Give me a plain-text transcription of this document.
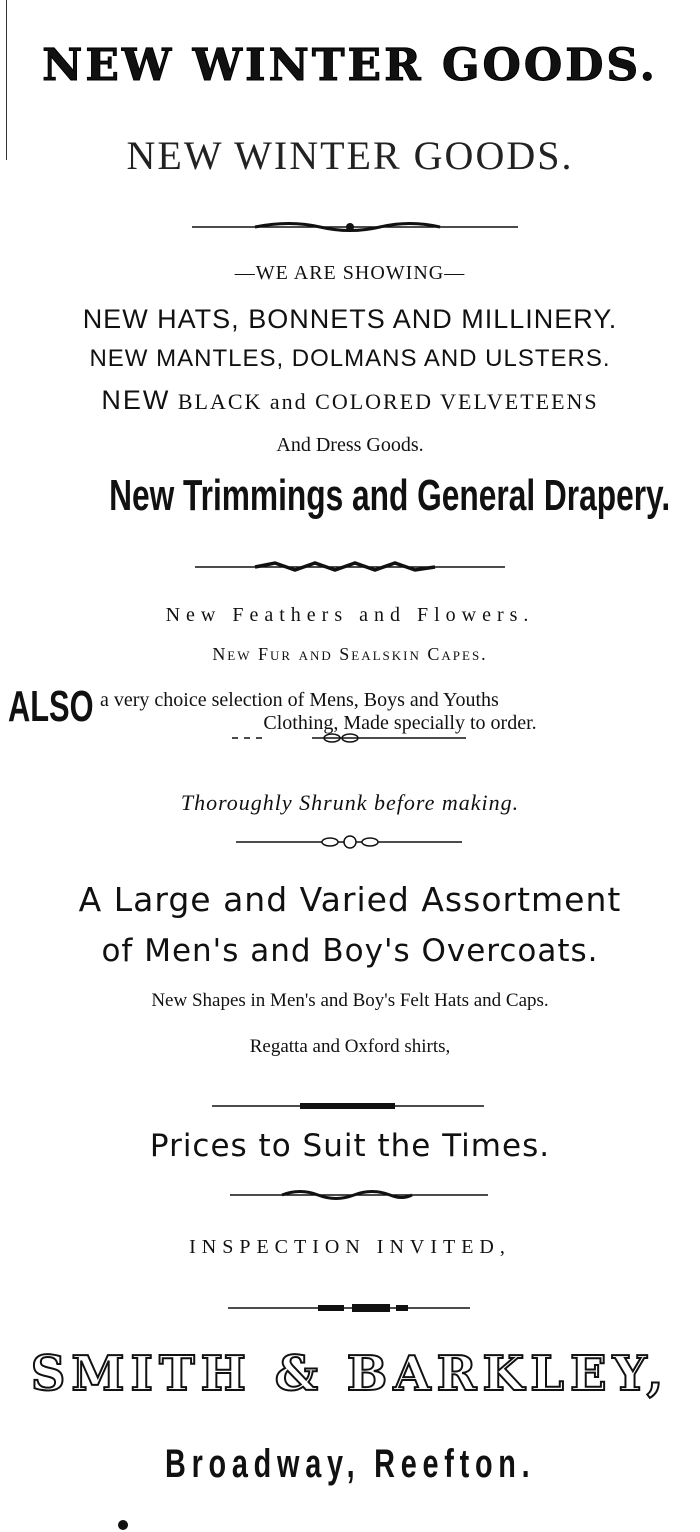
NEW WINTER GOODS.
NEW WINTER GOODS.
—WE ARE SHOWING—
NEW HATS, BONNETS AND MILLINERY.
NEW MANTLES, DOLMANS AND ULSTERS.
NEW BLACK and COLORED VELVETEENS
And Dress Goods.
New Trimmings and General Drapery.
New Feathers and Flowers.
New Fur and Sealskin Capes.
ALSO a very choice selection of Mens, Boys and Youths
Clothing, Made specially to order.
Thoroughly Shrunk before making.
A Large and Varied Assortment
of Men's and Boy's Overcoats.
New Shapes in Men's and Boy's Felt Hats and Caps.
Regatta and Oxford shirts,
Prices to Suit the Times.
INSPECTION INVITED,
SMITH & BARKLEY,
Broadway, Reefton.
